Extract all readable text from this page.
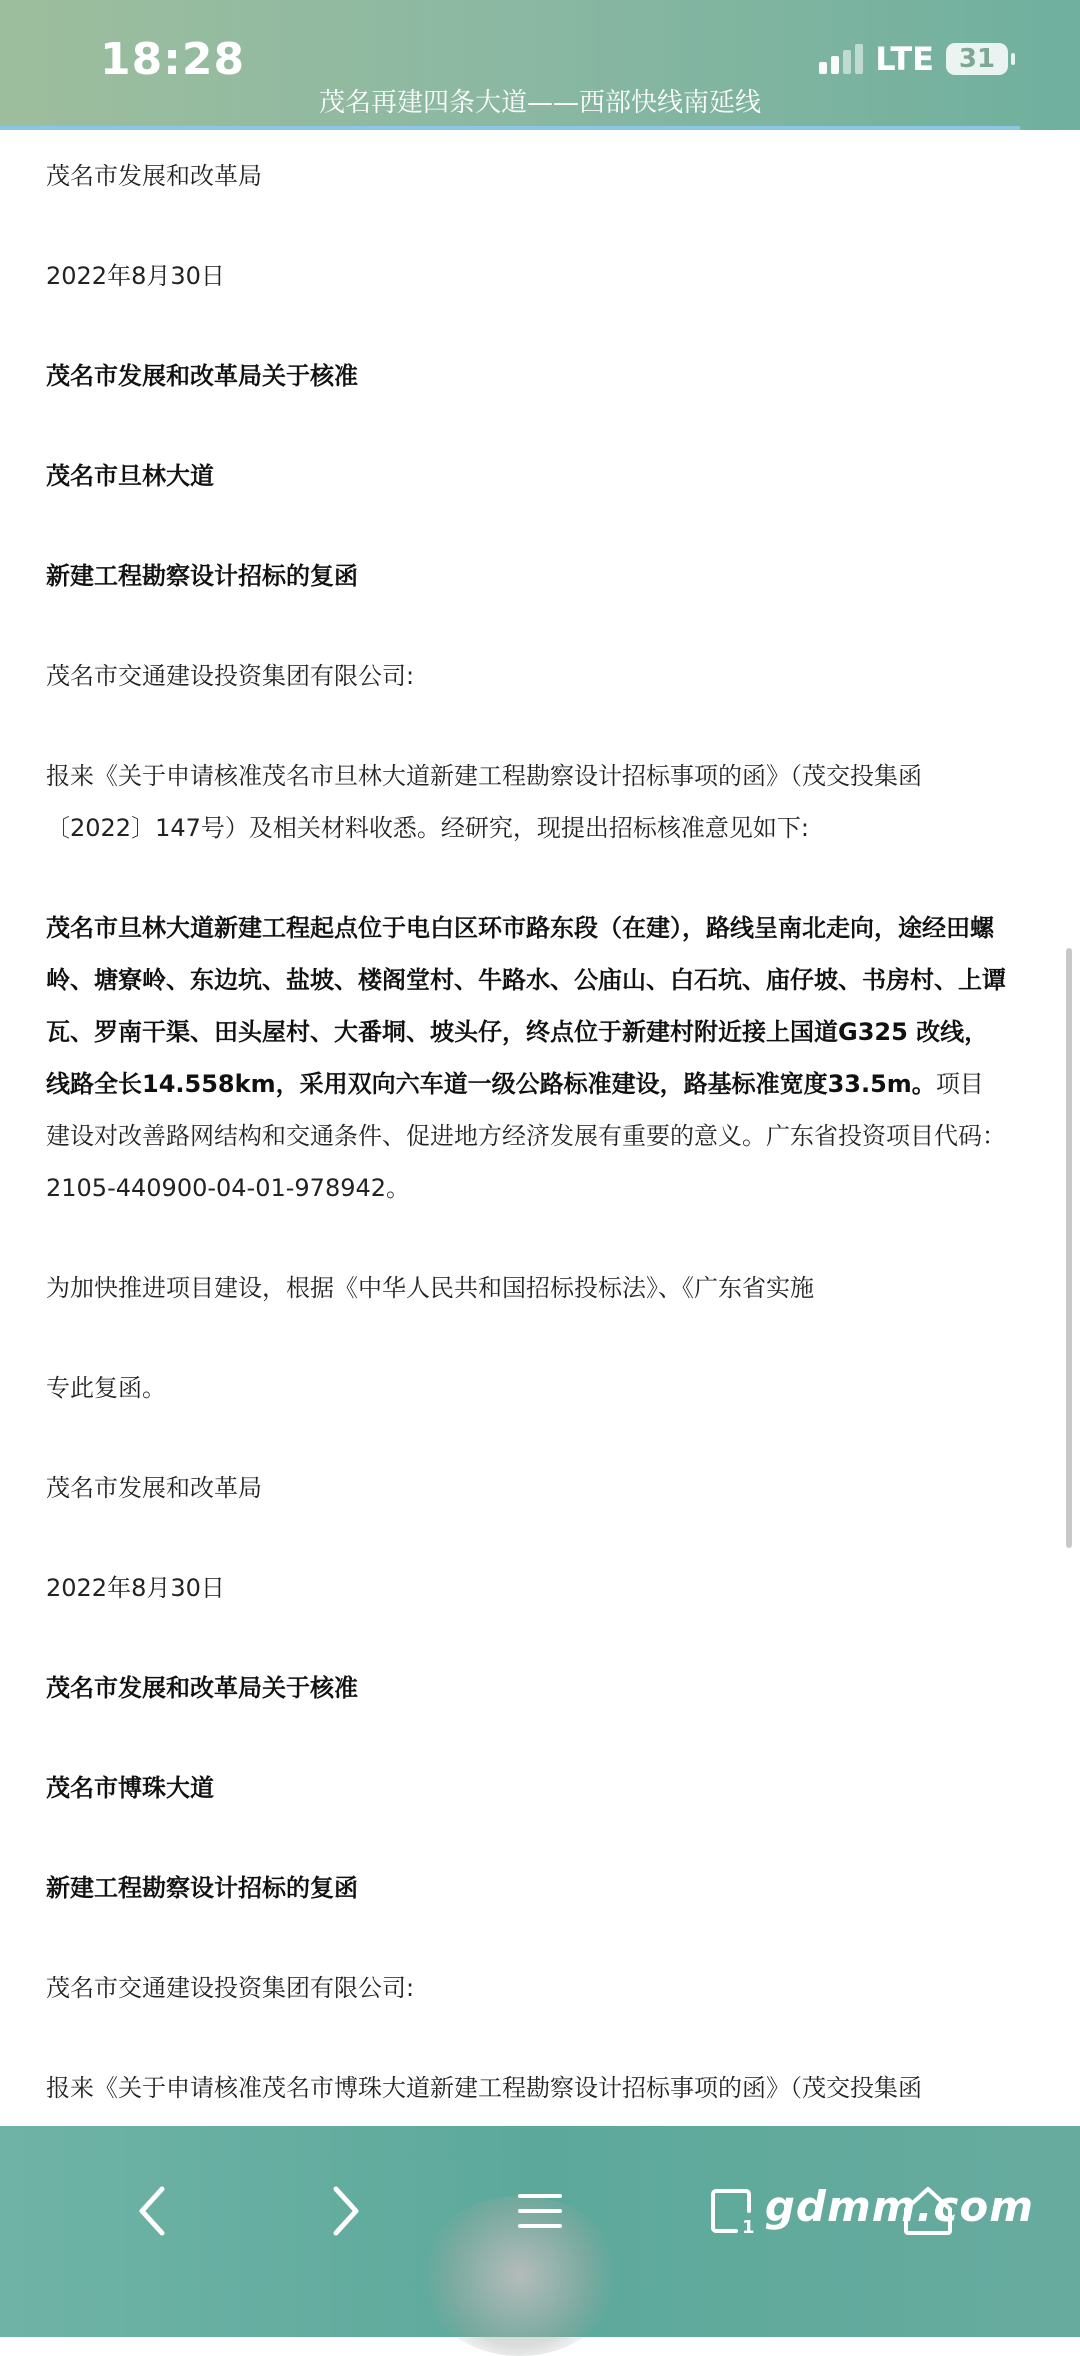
18:28	LTE 31
茂名再建四条大道——西部快线南延线

茂名市发展和改革局

2022年8月30日

茂名市发展和改革局关于核准

茂名市旦林大道

新建工程勘察设计招标的复函

茂名市交通建设投资集团有限公司:

报来《关于申请核准茂名市旦林大道新建工程勘察设计招标事项的函》（茂交投集函〔2022〕147号）及相关材料收悉。经研究，现提出招标核准意见如下:

茂名市旦林大道新建工程起点位于电白区环市路东段（在建），路线呈南北走向，途经田螺岭、塘寮岭、东边坑、盐坡、楼阁堂村、牛路水、公庙山、白石坑、庙仔坡、书房村、上谭瓦、罗南干渠、田头屋村、大番垌、坡头仔，终点位于新建村附近接上国道G325 改线，线路全长14.558km，采用双向六车道一级公路标准建设，路基标准宽度33.5m。项目建设对改善路网结构和交通条件、促进地方经济发展有重要的意义。广东省投资项目代码：2105-440900-04-01-978942。

为加快推进项目建设，根据《中华人民共和国招标投标法》、《广东省实施

专此复函。

茂名市发展和改革局

2022年8月30日

茂名市发展和改革局关于核准

茂名市博珠大道

新建工程勘察设计招标的复函

茂名市交通建设投资集团有限公司:

报来《关于申请核准茂名市博珠大道新建工程勘察设计招标事项的函》（茂交投集函

1 gdmm.com
